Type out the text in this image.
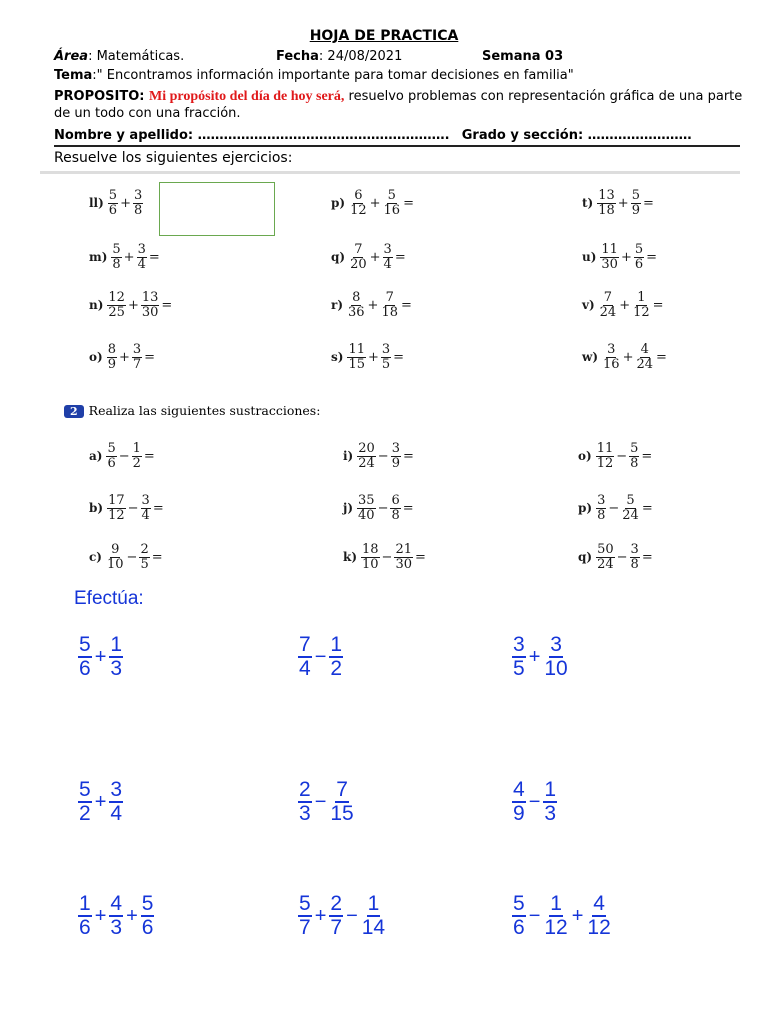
HOJA DE PRACTICA
Área: Matemáticas.	Fecha: 24/08/2021	Semana 03
Tema:" Encontramos información importante para tomar decisiones en familia"
PROPOSITO: Mi propósito del día de hoy será, resuelvo problemas con representación gráfica de una parte de un todo con una fracción.
Nombre y apellido: …………………………………………………. Grado y sección: ……………………
Resuelve los siguientes ejercicios:
$ll) \frac{5}{6} + \frac{3}{8}$	$p) \frac{6}{12} + \frac{5}{16}$ =	$t) \frac{13}{18} + \frac{5}{9}$ =
$m) \frac{5}{8} + \frac{3}{4}$ =	$q) \frac{7}{20} + \frac{3}{4}$ =	$u) \frac{11}{30} + \frac{5}{6}$ =
$n) \frac{12}{25} + \frac{13}{30}$ =	$r) \frac{8}{36} + \frac{7}{18}$ =	$v) \frac{7}{24} + \frac{1}{12}$ =
$o) \frac{8}{9} + \frac{3}{7}$ =	$s) \frac{11}{15} + \frac{3}{5}$ =	$w) \frac{3}{16} + \frac{4}{24}$ =
2 Realiza las siguientes sustracciones:
$a) \frac{5}{6} - \frac{1}{2}$ =	$i) \frac{20}{24} - \frac{3}{9}$ =	$o) \frac{11}{12} - \frac{5}{8}$ =
$b) \frac{17}{12} - \frac{3}{4}$ =	$j) \frac{35}{40} - \frac{6}{8}$ =	$p) \frac{3}{8} - \frac{5}{24}$ =
$c) \frac{9}{10} - \frac{2}{5}$ =	$k) \frac{18}{10} - \frac{21}{30}$ =	$q) \frac{50}{24} - \frac{3}{8}$ =
Efectúa:
$\frac{5}{6} + \frac{1}{3}$	$\frac{7}{4} - \frac{1}{2}$	$\frac{3}{5} + \frac{3}{10}$
$\frac{5}{2} + \frac{3}{4}$	$\frac{2}{3} - \frac{7}{15}$	$\frac{4}{9} - \frac{1}{3}$
$\frac{1}{6} + \frac{4}{3} + \frac{5}{6}$	$\frac{5}{7} + \frac{2}{7} - \frac{1}{14}$	$\frac{5}{6} - \frac{1}{12} + \frac{4}{12}$
